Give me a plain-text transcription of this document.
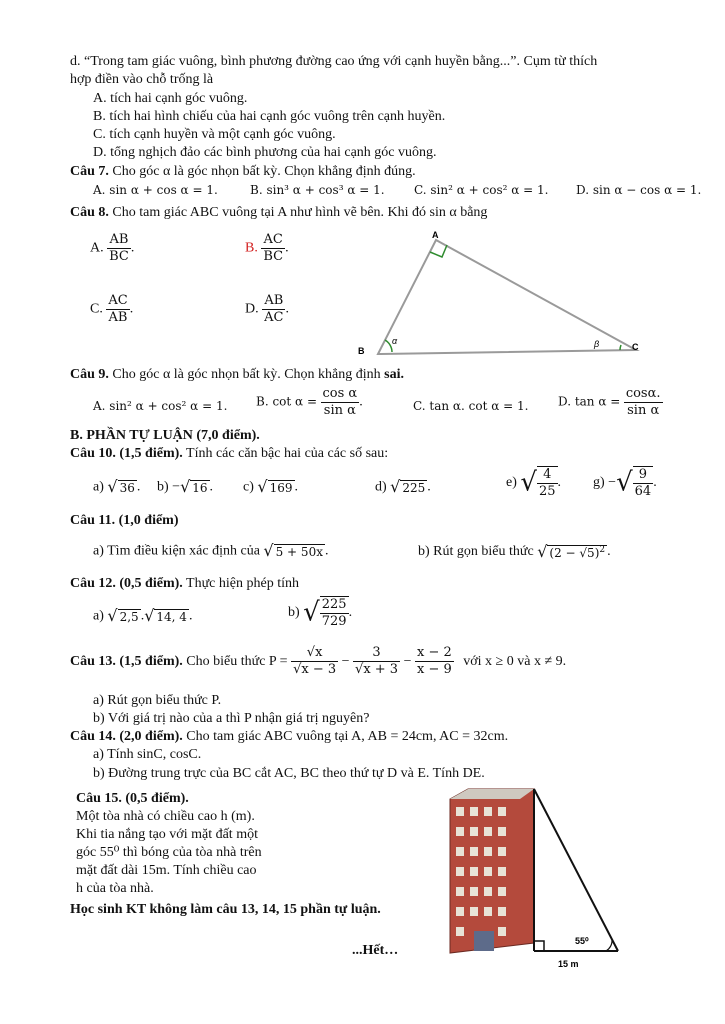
d. “Trong tam giác vuông, bình phương đường cao ứng với cạnh huyền bằng...”. Cụm từ thích
hợp điền vào chỗ trống là
A. tích hai cạnh góc vuông.
B. tích hai hình chiếu của hai cạnh góc vuông trên cạnh huyền.
C. tích cạnh huyền và một cạnh góc vuông.
D. tổng nghịch đảo các bình phương của hai cạnh góc vuông.
Câu 7. Cho góc α là góc nhọn bất kỳ. Chọn khẳng định đúng.
A. sin α + cos α = 1.	B. sin³ α + cos³ α = 1. C. sin² α + cos² α = 1. D. sin α − cos α = 1.
Câu 8. Cho tam giác ABC vuông tại A như hình vẽ bên. Khi đó sin α bằng
A. $\frac{AB}{BC}$ .	B. $\frac{AC}{BC}$ .
C. $\frac{AC}{AB}$ .	D. $\frac{AB}{AC}$ .
A
B	C
α	β
Câu 9. Cho góc α là góc nhọn bất kỳ. Chọn khẳng định sai.
A. sin² α + cos² α = 1. B. $\cot \alpha = \frac{\text{cos α}}{\text{sin α}}$ .	C. tan α. cot α = 1. D. $\tan \alpha = \frac{\cos\alpha.}{\text{sin α}}$
B. PHẦN TỰ LUẬN (7,0 điểm).
Câu 10. (1,5 điểm). Tính các căn bậc hai của các số sau:
a) √ 36 . b) −√ 16 . c) √ 169 .	d) √ 225 .	e) √ $\frac{4}{25}$ . g) −√ $\frac{9}{64}$ .
Câu 11. (1,0 điểm)
a) Tìm điều kiện xác định của √ 5 + 50x .	b) Rút gọn biểu thức √ $(2 - √5)^2$ .
Câu 12. (0,5 điểm). Thực hiện phép tính
a) √ 2,5 .√ 14, 4 .	b) √ $\frac{225}{729}$ .
Câu 13. (1,5 điểm). Cho biểu thức $P = \frac{√x}{√x - 3} - \frac{3}{√x + 3} - \frac{x - 2}{x - 9}$ với x ≥ 0 và x ≠ 9.
a) Rút gọn biểu thức P.
b) Với giá trị nào của a thì P nhận giá trị nguyên?
Câu 14. (2,0 điểm). Cho tam giác ABC vuông tại A, AB = 24cm, AC = 32cm.
a) Tính sinC, cosC.
b) Đường trung trực của BC cắt AC, BC theo thứ tự D và E. Tính DE.
Câu 15. (0,5 điểm).
Một tòa nhà có chiều cao h (m).
Khi tia nắng tạo với mặt đất một
góc 55⁰ thì bóng của tòa nhà trên
mặt đất dài 15m. Tính chiều cao
h của tòa nhà.
55⁰
15 m
Học sinh KT không làm câu 13, 14, 15 phần tự luận.
...Hết…
